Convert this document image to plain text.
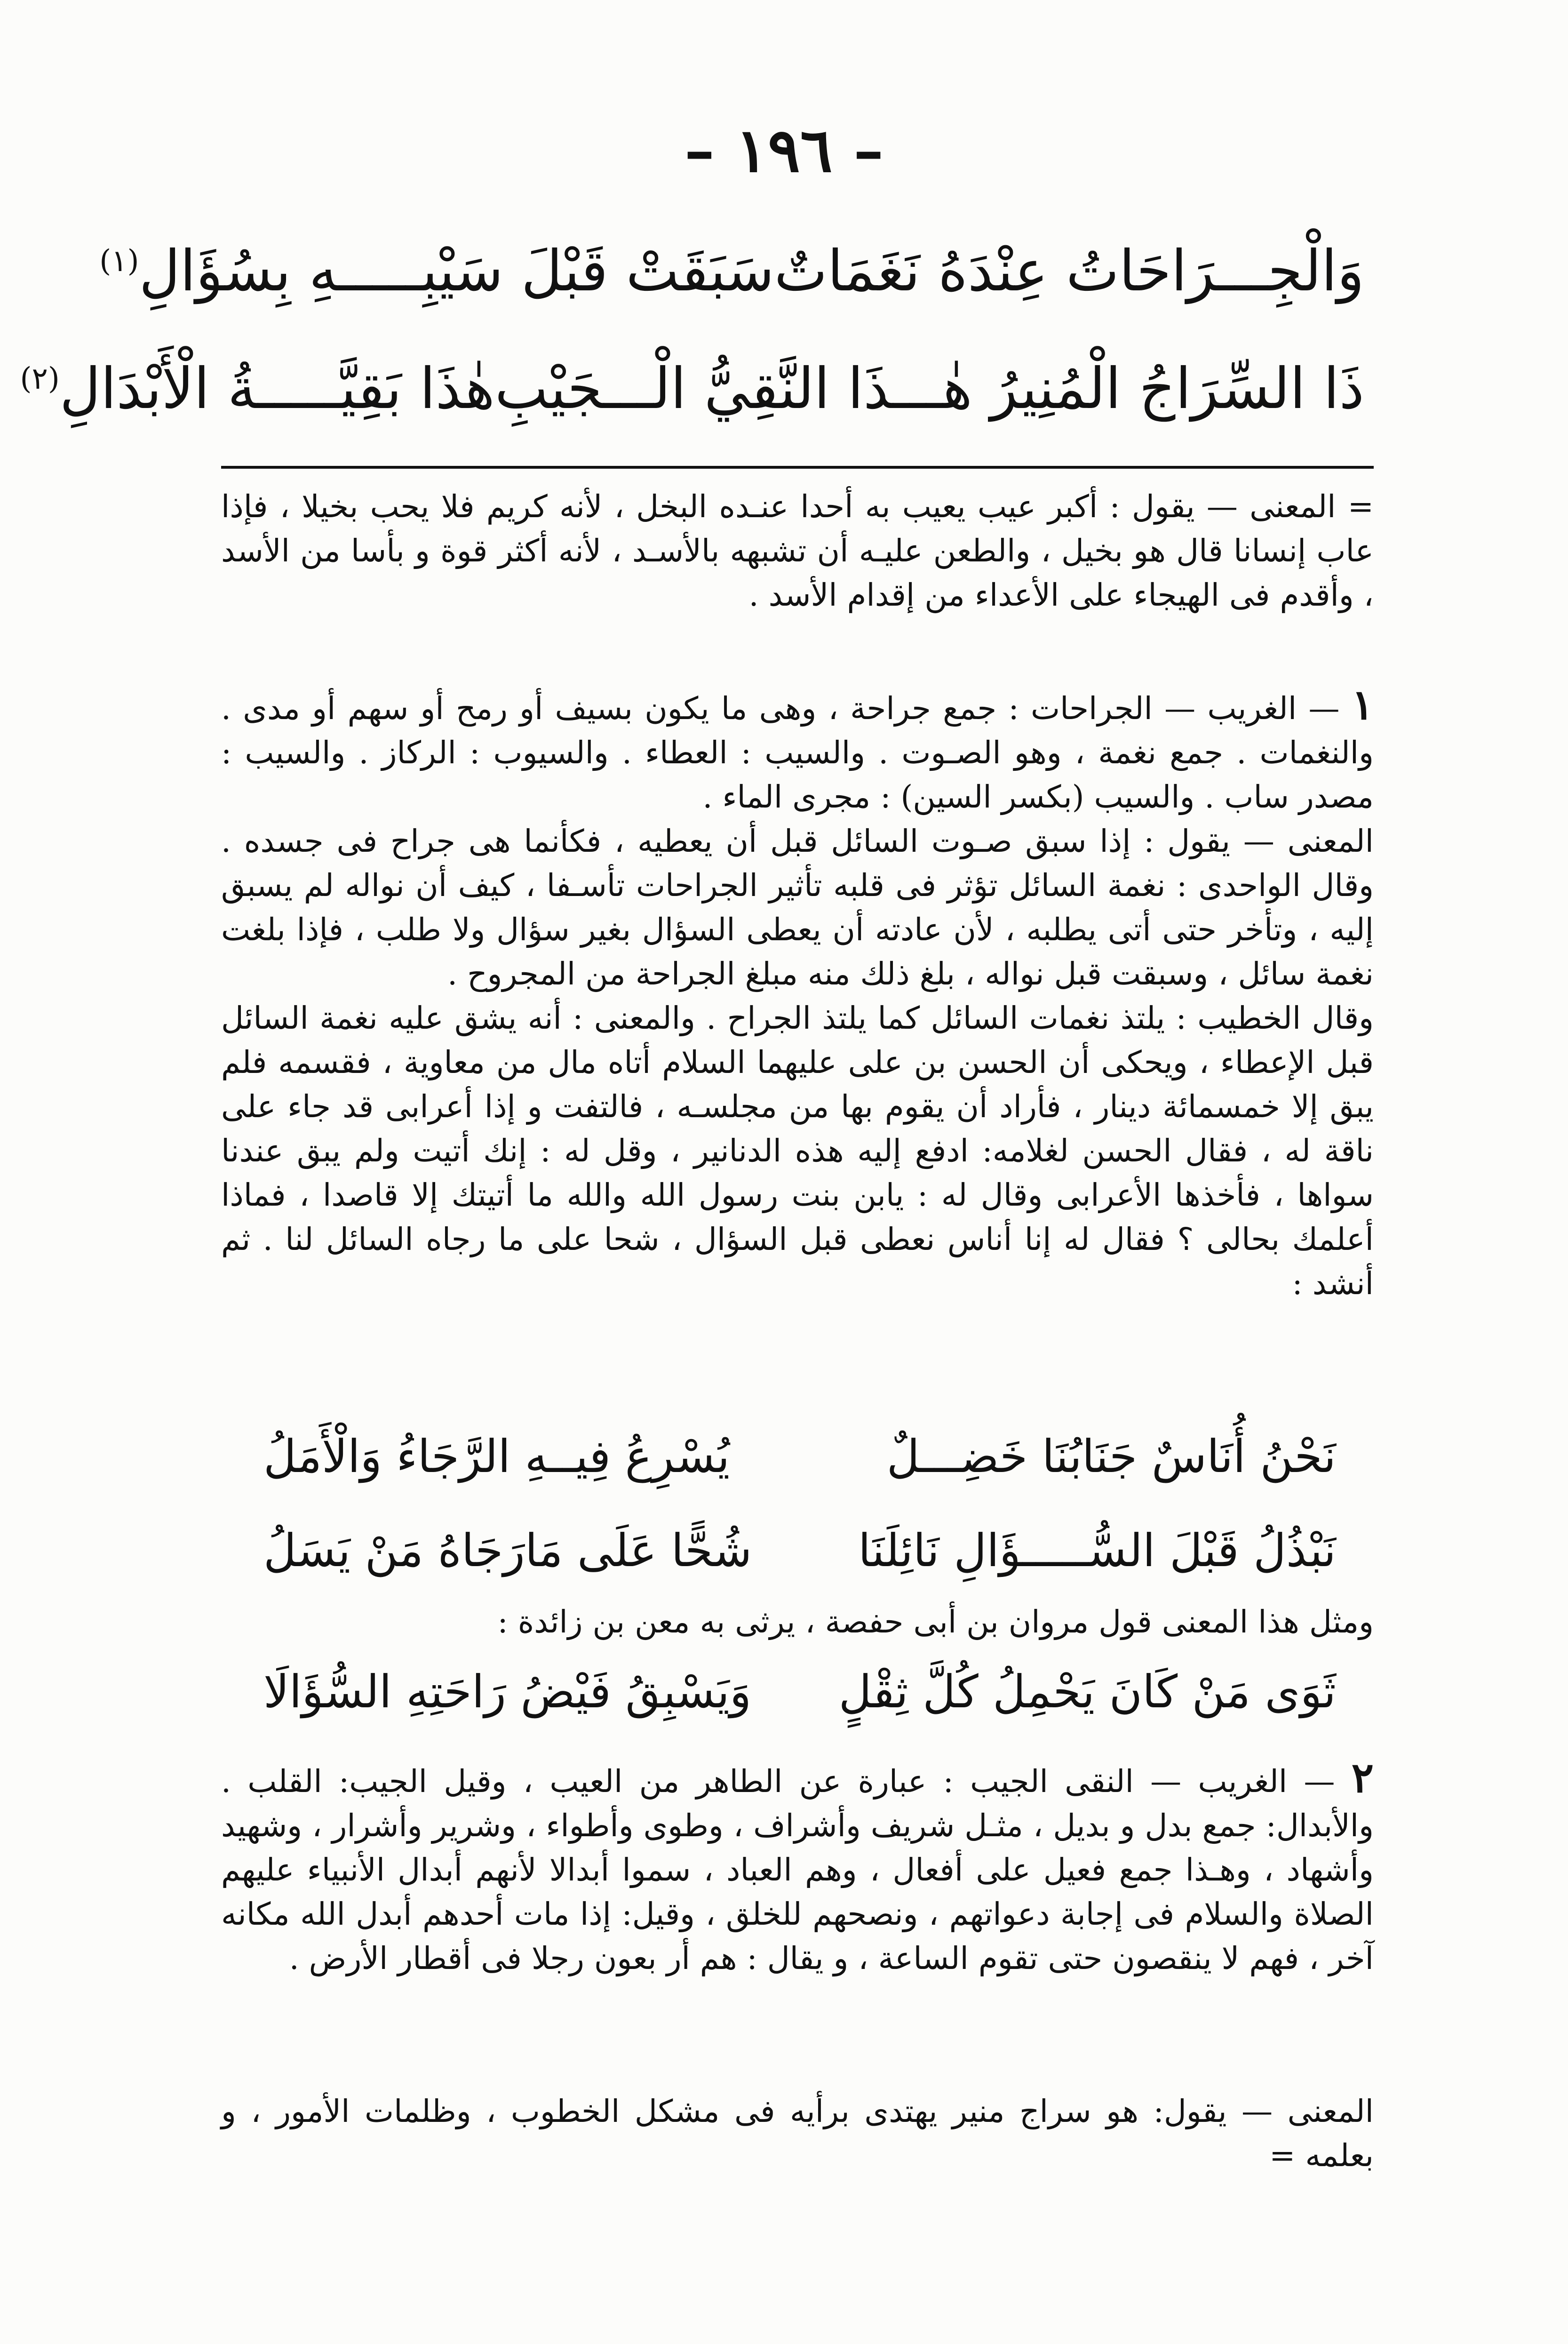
– ١٩٦ –
وَالْجِـــرَاحَاتُ عِنْدَهُ نَغَمَاتٌ
سَبَقَتْ قَبْلَ سَيْبِـــــهِ بِسُؤَالِ$^{(١)}$
ذَا السِّرَاجُ الْمُنِيرُ هٰـــذَا النَّقِيُّ الْـــجَيْبِ
هٰذَا بَقِيَّـــــةُ الْأَبْدَالِ$^{(٢)}$

= المعنى — يقول : أكبر عيب يعيب به أحدا عنـده البخل ، لأنه كريم فلا يحب بخيلا ، فإذا عاب إنسانا قال هو بخيل ، والطعن عليـه أن تشبهه بالأسـد ، لأنه أكثر قوة و بأسا من الأسد ، وأقدم فى الهيجاء على الأعداء من إقدام الأسد .

١ — الغريب — الجراحات : جمع جراحة ، وهى ما يكون بسيف أو رمح أو سهم أو مدى . والنغمات . جمع نغمة ، وهو الصـوت . والسيب : العطاء . والسيوب : الركاز . والسيب : مصدر ساب . والسيب (بكسر السين) : مجرى الماء .

المعنى — يقول : إذا سبق صـوت السائل قبل أن يعطيه ، فكأنما هى جراح فى جسده . وقال الواحدى : نغمة السائل تؤثر فى قلبه تأثير الجراحات تأسـفا ، كيف أن نواله لم يسبق إليه ، وتأخر حتى أتى يطلبه ، لأن عادته أن يعطى السؤال بغير سؤال ولا طلب ، فإذا بلغت نغمة سائل ، وسبقت قبل نواله ، بلغ ذلك منه مبلغ الجراحة من المجروح .

وقال الخطيب : يلتذ نغمات السائل كما يلتذ الجراح . والمعنى : أنه يشق عليه نغمة السائل قبل الإعطاء ، ويحكى أن الحسن بن على عليهما السلام أتاه مال من معاوية ، فقسمه فلم يبق إلا خمسمائة دينار ، فأراد أن يقوم بها من مجلسـه ، فالتفت و إذا أعرابى قد جاء على ناقة له ، فقال الحسن لغلامه: ادفع إليه هذه الدنانير ، وقل له : إنك أتيت ولم يبق عندنا سواها ، فأخذها الأعرابى وقال له : يابن بنت رسول الله والله ما أتيتك إلا قاصدا ، فماذا أعلمك بحالى ؟ فقال له إنا أناس نعطى قبل السؤال ، شحا على ما رجاه السائل لنا . ثم أنشد :

نَحْنُ أُنَاسٌ جَنَابُنَا خَضِـــلٌ
يُسْرِعُ فِيــهِ الرَّجَاءُ وَالْأَمَلُ
نَبْذُلُ قَبْلَ السُّـــــؤَالِ نَائِلَنَا
شُحًّا عَلَى مَارَجَاهُ مَنْ يَسَلُ

ومثل هذا المعنى قول مروان بن أبى حفصة ، يرثى به معن بن زائدة :

ثَوَى مَنْ كَانَ يَحْمِلُ كُلَّ ثِقْلٍ
وَيَسْبِقُ فَيْضُ رَاحَتِهِ السُّؤَالَا

٢ — الغريب — النقى الجيب : عبارة عن الطاهر من العيب ، وقيل الجيب: القلب . والأبدال: جمع بدل و بديل ، مثـل شريف وأشراف ، وطوى وأطواء ، وشرير وأشرار ، وشهيد وأشهاد ، وهـذا جمع فعيل على أفعال ، وهم العباد ، سموا أبدالا لأنهم أبدال الأنبياء عليهم الصلاة والسلام فى إجابة دعواتهم ، ونصحهم للخلق ، وقيل: إذا مات أحدهم أبدل الله مكانه آخر ، فهم لا ينقصون حتى تقوم الساعة ، و يقال : هم أر بعون رجلا فى أقطار الأرض .

المعنى — يقول: هو سراج منير يهتدى برأيه فى مشكل الخطوب ، وظلمات الأمور ، و بعلمه =
